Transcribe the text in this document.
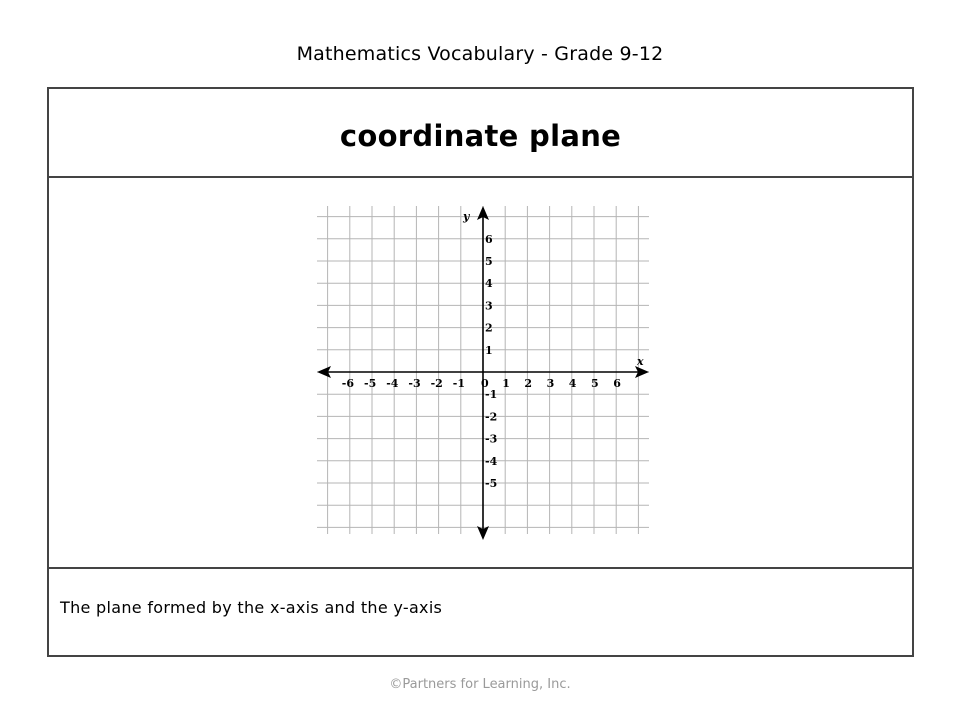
Mathematics Vocabulary - Grade 9-12
coordinate plane
-6 -5 -4 -3 -2 -1	1 2 3 4 5 6
6
5
4
3
2
1
-1
-2
-3
-4
-5
x
y
0
The plane formed by the x-axis and the y-axis
©Partners for Learning, Inc.
